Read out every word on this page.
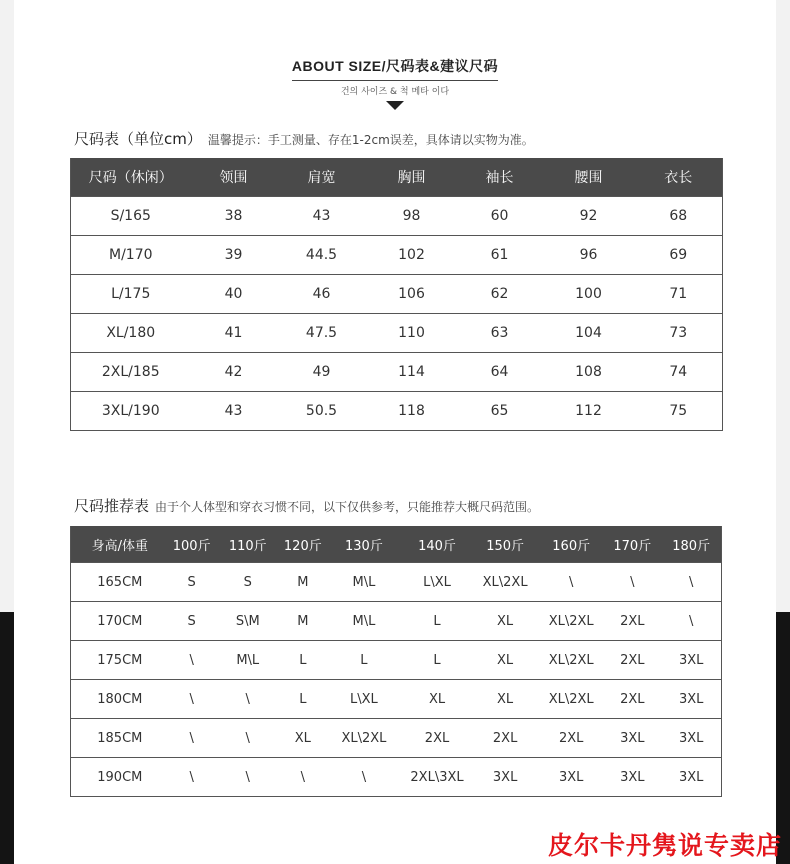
ABOUT SIZE/尺码表&建议尺码
건의 사이즈 & 척 메타 이다
尺码表（单位cm） 温馨提示：手工测量、存在1-2cm误差，具体请以实物为准。
尺码（休闲）	领围	肩宽	胸围	袖长	腰围	衣长
S/165	38	43	98	60	92	68
M/170	39	44.5	102	61	96	69
L/175	40	46	106	62	100	71
XL/180	41	47.5	110	63	104	73
2XL/185	42	49	114	64	108	74
3XL/190	43	50.5	118	65	112	75
尺码推荐表 由于个人体型和穿衣习惯不同，以下仅供参考，只能推荐大概尺码范围。
身高/体重	100斤	110斤	120斤	130斤	140斤	150斤	160斤	170斤	180斤
165CM	S	S	M	M\L	L\XL	XL\2XL	\	\	\
170CM	S	S\M	M	M\L	L	XL	XL\2XL	2XL	\
175CM	\	M\L	L	L	L	XL	XL\2XL	2XL	3XL
180CM	\	\	L	L\XL	XL	XL	XL\2XL	2XL	3XL
185CM	\	\	XL	XL\2XL	2XL	2XL	2XL	3XL	3XL
190CM	\	\	\	\	2XL\3XL	3XL	3XL	3XL	3XL
皮尔卡丹隽说专卖店
